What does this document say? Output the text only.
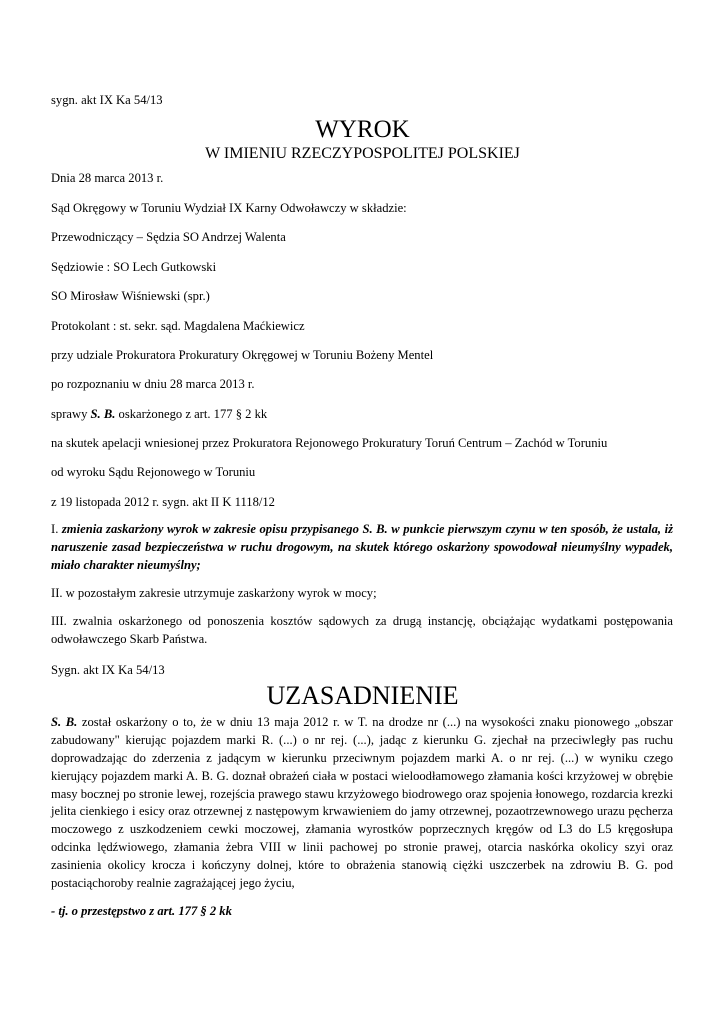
sygn. akt IX Ka 54/13

WYROK

W IMIENIU RZECZYPOSPOLITEJ POLSKIEJ

Dnia 28 marca 2013 r.

Sąd Okręgowy w Toruniu Wydział IX Karny Odwoławczy w składzie:

Przewodniczący – Sędzia SO Andrzej Walenta

Sędziowie : SO Lech Gutkowski

SO Mirosław Wiśniewski (spr.)

Protokolant : st. sekr. sąd. Magdalena Maćkiewicz

przy udziale Prokuratora Prokuratury Okręgowej w Toruniu Bożeny Mentel

po rozpoznaniu w dniu 28 marca 2013 r.

sprawy S. B. oskarżonego z art. 177 § 2 kk

na skutek apelacji wniesionej przez Prokuratora Rejonowego Prokuratury Toruń Centrum – Zachód w Toruniu

od wyroku Sądu Rejonowego w Toruniu

z 19 listopada 2012 r. sygn. akt II K 1118/12

I. zmienia zaskarżony wyrok w zakresie opisu przypisanego S. B. w punkcie pierwszym czynu w ten sposób, że ustala, iż naruszenie zasad bezpieczeństwa w ruchu drogowym, na skutek którego oskarżony spowodował nieumyślny wypadek, miało charakter nieumyślny;

II. w pozostałym zakresie utrzymuje zaskarżony wyrok w mocy;

III. zwalnia oskarżonego od ponoszenia kosztów sądowych za drugą instancję, obciążając wydatkami postępowania odwoławczego Skarb Państwa.

Sygn. akt IX Ka 54/13

UZASADNIENIE

S. B. został oskarżony o to, że w dniu 13 maja 2012 r. w T. na drodze nr (...) na wysokości znaku pionowego „obszar zabudowany" kierując pojazdem marki R. (...) o nr rej. (...), jadąc z kierunku G. zjechał na przeciwległy pas ruchu doprowadzając do zderzenia z jadącym w kierunku przeciwnym pojazdem marki A. o nr rej. (...) w wyniku czego kierujący pojazdem marki A. B. G. doznał obrażeń ciała w postaci wieloodłamowego złamania kości krzyżowej w obrębie masy bocznej po stronie lewej, rozejścia prawego stawu krzyżowego biodrowego oraz spojenia łonowego, rozdarcia krezki jelita cienkiego i esicy oraz otrzewnej z następowym krwawieniem do jamy otrzewnej, pozaotrzewnowego urazu pęcherza moczowego z uszkodzeniem cewki moczowej, złamania wyrostków poprzecznych kręgów od L3 do L5 kręgosłupa odcinka lędźwiowego, złamania żebra VIII w linii pachowej po stronie prawej, otarcia naskórka okolicy szyi oraz zasinienia okolicy krocza i kończyny dolnej, które to obrażenia stanowią ciężki uszczerbek na zdrowiu B. G. pod postaciąchoroby realnie zagrażającej jego życiu,

- tj. o przestępstwo z art. 177 § 2 kk
